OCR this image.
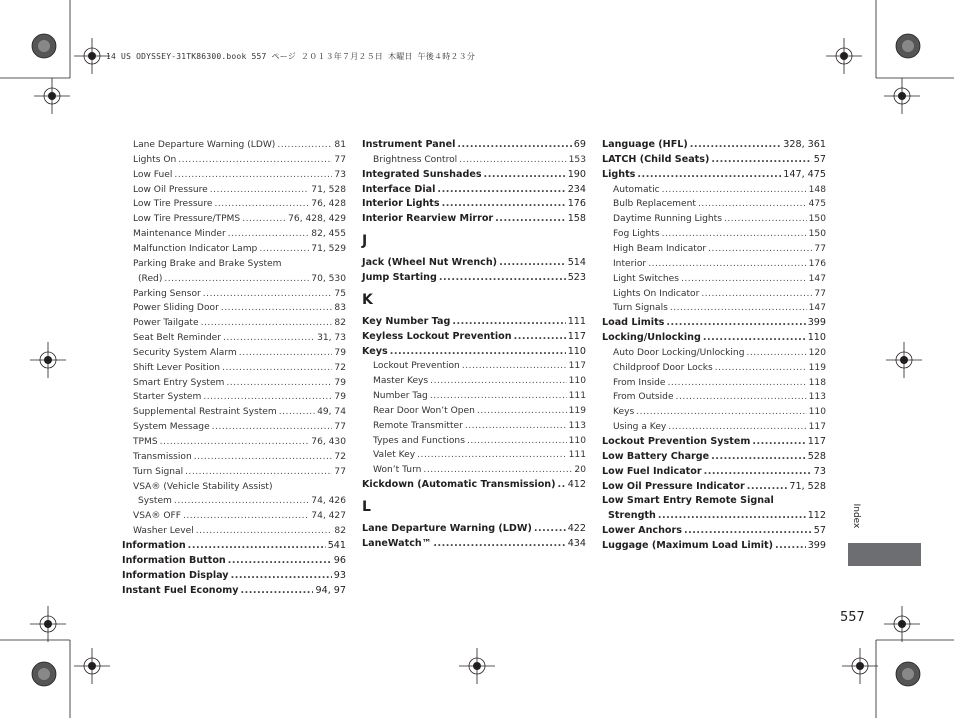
14 US ODYSSEY-31TK86300.book 557 ページ ２０１３年７月２５日 木曜日 午後４時２３分
Lane Departure Warning (LDW) .....	81
Lights On .....	77
Low Fuel .....	73
Low Oil Pressure .....	71, 528
Low Tire Pressure .....	76, 428
Low Tire Pressure/TPMS .....	76, 428, 429
Maintenance Minder .....	82, 455
Malfunction Indicator Lamp .....	71, 529
Parking Brake and Brake System
(Red) .....	70, 530
Parking Sensor .....	75
Power Sliding Door .....	83
Power Tailgate .....	82
Seat Belt Reminder .....	31, 73
Security System Alarm .....	79
Shift Lever Position .....	72
Smart Entry System .....	79
Starter System .....	79
Supplemental Restraint System .....	49, 74
System Message .....	77
TPMS .....	76, 430
Transmission .....	72
Turn Signal .....	77
VSA® (Vehicle Stability Assist)
System .....	74, 426
VSA® OFF .....	74, 427
Washer Level .....	82
Information .....	541
Information Button .....	96
Information Display .....	93
Instant Fuel Economy .....	94, 97
Instrument Panel .....	69
Brightness Control .....	153
Integrated Sunshades .....	190
Interface Dial .....	234
Interior Lights .....	176
Interior Rearview Mirror .....	158
J
Jack (Wheel Nut Wrench) .....	514
Jump Starting .....	523
K
Key Number Tag .....	111
Keyless Lockout Prevention .....	117
Keys .....	110
Lockout Prevention .....	117
Master Keys .....	110
Number Tag .....	111
Rear Door Won’t Open .....	119
Remote Transmitter .....	113
Types and Functions .....	110
Valet Key .....	111
Won’t Turn .....	20
Kickdown (Automatic Transmission) ..... 412
L
Lane Departure Warning (LDW) .....	422
LaneWatch™ .....	434
Language (HFL) .....	328, 361
LATCH (Child Seats) .....	57
Lights .....	147, 475
Automatic .....	148
Bulb Replacement .....	475
Daytime Running Lights .....	150
Fog Lights .....	150
High Beam Indicator .....	77
Interior .....	176
Light Switches .....	147
Lights On Indicator .....	77
Turn Signals .....	147
Load Limits .....	399
Locking/Unlocking .....	110
Auto Door Locking/Unlocking .....	120
Childproof Door Locks .....	119
From Inside .....	118
From Outside .....	113
Keys .....	110
Using a Key .....	117
Lockout Prevention System .....	117
Low Battery Charge .....	528
Low Fuel Indicator .....	73
Low Oil Pressure Indicator .....	71, 528
Low Smart Entry Remote Signal
Strength .....	112
Lower Anchors .....	57
Luggage (Maximum Load Limit) .....	399
Index
557
